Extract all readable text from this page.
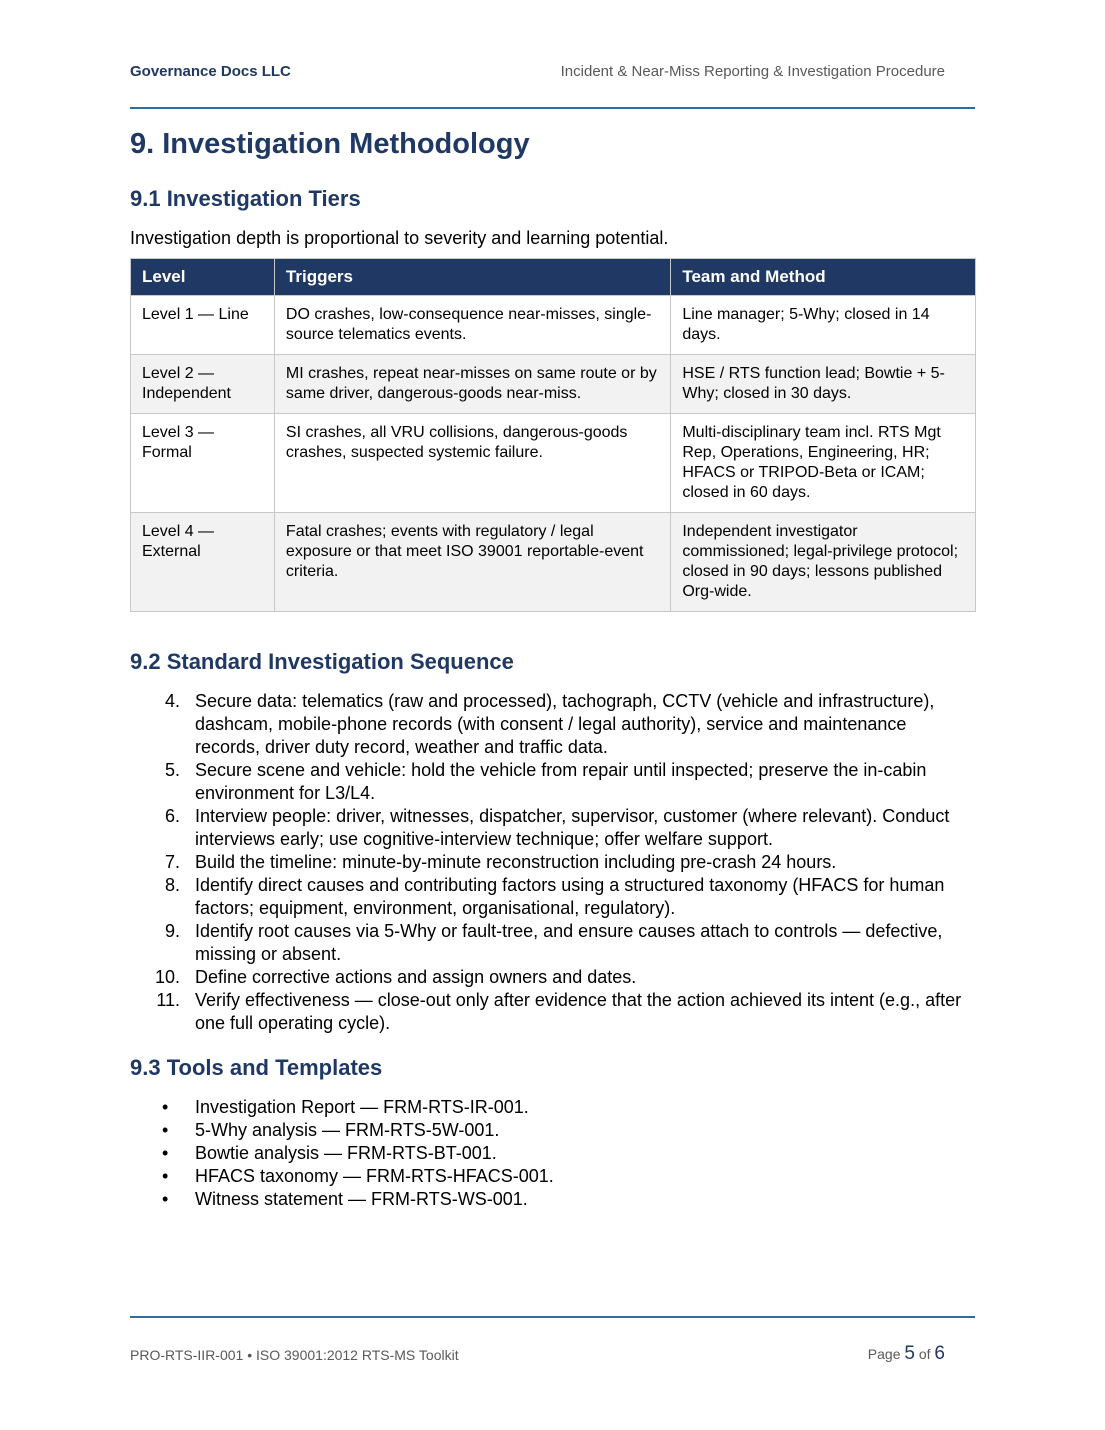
Governance Docs LLC	Incident & Near-Miss Reporting & Investigation Procedure
9. Investigation Methodology
9.1 Investigation Tiers

Investigation depth is proportional to severity and learning potential.

Level	Triggers	Team and Method
Level 1 — Line	DO crashes, low-consequence near-misses, single-source telematics events.	Line manager; 5-Why; closed in 14 days.
Level 2 — Independent	MI crashes, repeat near-misses on same route or by same driver, dangerous-goods near-miss.	HSE / RTS function lead; Bowtie + 5-Why; closed in 30 days.
Level 3 — Formal	SI crashes, all VRU collisions, dangerous-goods crashes, suspected systemic failure.	Multi-disciplinary team incl. RTS Mgt Rep, Operations, Engineering, HR; HFACS or TRIPOD-Beta or ICAM; closed in 60 days.
Level 4 — External	Fatal crashes; events with regulatory / legal exposure or that meet ISO 39001 reportable-event criteria.	Independent investigator commissioned; legal-privilege protocol; closed in 90 days; lessons published Org-wide.
9.2 Standard Investigation Sequence
4. Secure data: telematics (raw and processed), tachograph, CCTV (vehicle and infrastructure), dashcam, mobile-phone records (with consent / legal authority), service and maintenance records, driver duty record, weather and traffic data.
5. Secure scene and vehicle: hold the vehicle from repair until inspected; preserve the in-cabin environment for L3/L4.
6. Interview people: driver, witnesses, dispatcher, supervisor, customer (where relevant). Conduct interviews early; use cognitive-interview technique; offer welfare support.
7. Build the timeline: minute-by-minute reconstruction including pre-crash 24 hours.
8. Identify direct causes and contributing factors using a structured taxonomy (HFACS for human factors; equipment, environment, organisational, regulatory).
9. Identify root causes via 5-Why or fault-tree, and ensure causes attach to controls — defective, missing or absent.
10. Define corrective actions and assign owners and dates.
11. Verify effectiveness — close-out only after evidence that the action achieved its intent (e.g., after one full operating cycle).
9.3 Tools and Templates
• Investigation Report — FRM-RTS-IR-001.
• 5-Why analysis — FRM-RTS-5W-001.
• Bowtie analysis — FRM-RTS-BT-001.
• HFACS taxonomy — FRM-RTS-HFACS-001.
• Witness statement — FRM-RTS-WS-001.
PRO-RTS-IIR-001 • ISO 39001:2012 RTS-MS Toolkit	Page 5 of 6
